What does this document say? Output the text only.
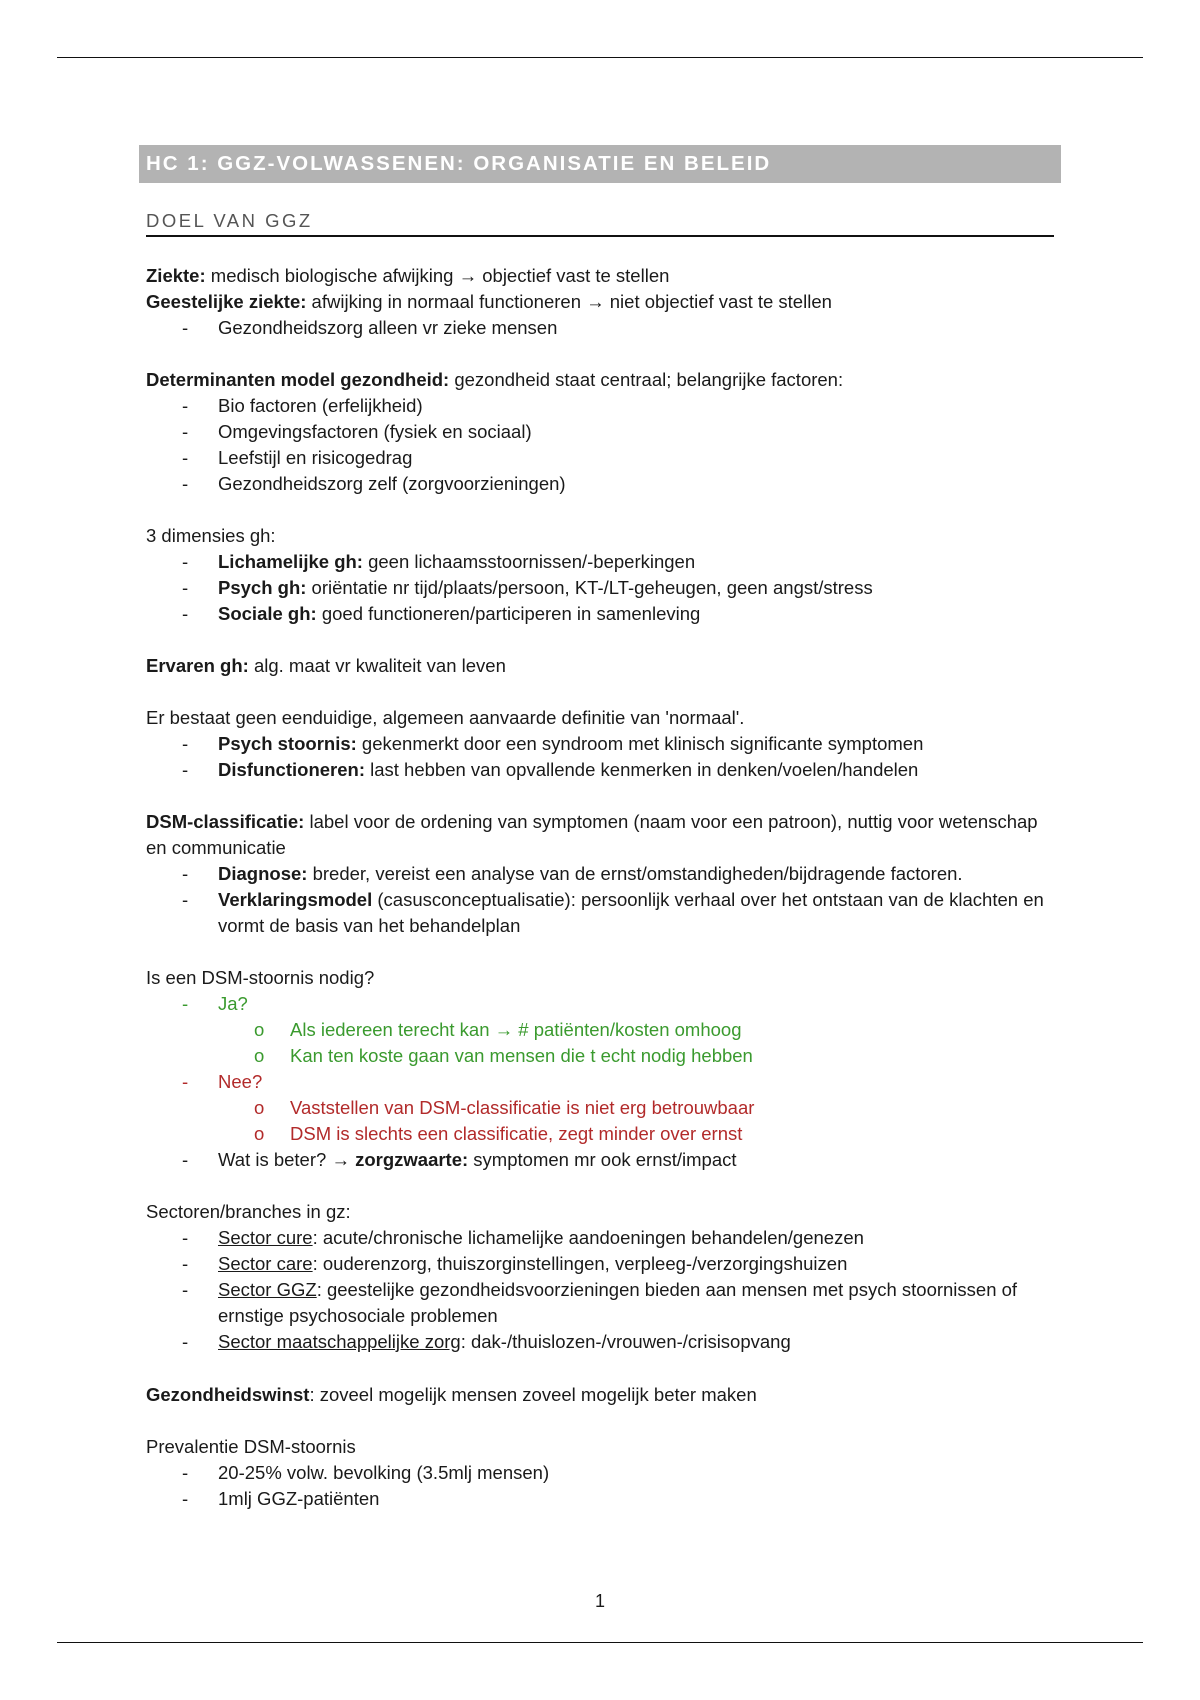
HC 1: GGZ-VOLWASSENEN: ORGANISATIE EN BELEID
DOEL VAN GGZ

Ziekte: medisch biologische afwijking → objectief vast te stellen

Geestelijke ziekte: afwijking in normaal functioneren → niet objectief vast te stellen

- Gezondheidszorg alleen vr zieke mensen

Determinanten model gezondheid: gezondheid staat centraal; belangrijke factoren:

- Bio factoren (erfelijkheid)
- Omgevingsfactoren (fysiek en sociaal)
- Leefstijl en risicogedrag
- Gezondheidszorg zelf (zorgvoorzieningen)

3 dimensies gh:

- Lichamelijke gh: geen lichaamsstoornissen/-beperkingen
- Psych gh: oriëntatie nr tijd/plaats/persoon, KT-/LT-geheugen, geen angst/stress
- Sociale gh: goed functioneren/participeren in samenleving

Ervaren gh: alg. maat vr kwaliteit van leven

Er bestaat geen eenduidige, algemeen aanvaarde definitie van 'normaal'.

- Psych stoornis: gekenmerkt door een syndroom met klinisch significante symptomen
- Disfunctioneren: last hebben van opvallende kenmerken in denken/voelen/handelen

DSM-classificatie: label voor de ordening van symptomen (naam voor een patroon), nuttig voor wetenschap en communicatie

- Diagnose: breder, vereist een analyse van de ernst/omstandigheden/bijdragende factoren.
- Verklaringsmodel (casusconceptualisatie): persoonlijk verhaal over het ontstaan van de klachten en vormt de basis van het behandelplan

Is een DSM-stoornis nodig?

- Ja?
o Als iedereen terecht kan → # patiënten/kosten omhoog
o Kan ten koste gaan van mensen die t echt nodig hebben
- Nee?
o Vaststellen van DSM-classificatie is niet erg betrouwbaar
o DSM is slechts een classificatie, zegt minder over ernst
- Wat is beter? → zorgzwaarte: symptomen mr ook ernst/impact

Sectoren/branches in gz:

- Sector cure: acute/chronische lichamelijke aandoeningen behandelen/genezen
- Sector care: ouderenzorg, thuiszorginstellingen, verpleeg-/verzorgingshuizen
- Sector GGZ: geestelijke gezondheidsvoorzieningen bieden aan mensen met psych stoornissen of ernstige psychosociale problemen
- Sector maatschappelijke zorg: dak-/thuislozen-/vrouwen-/crisisopvang

Gezondheidswinst: zoveel mogelijk mensen zoveel mogelijk beter maken

Prevalentie DSM-stoornis

- 20-25% volw. bevolking (3.5mlj mensen)
- 1mlj GGZ-patiënten
1
